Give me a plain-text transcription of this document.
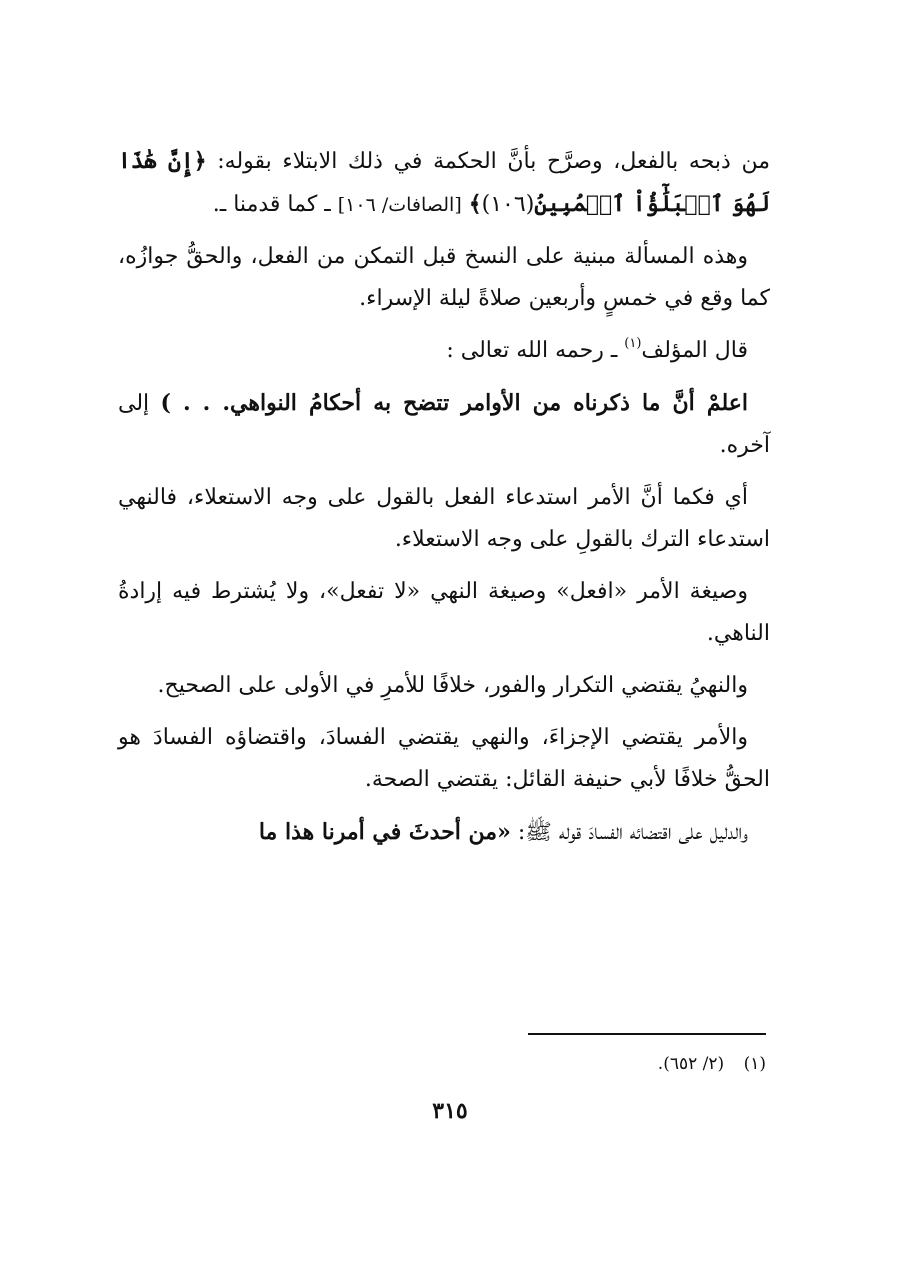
من ذبحه بالفعل، وصرَّح بأنَّ الحكمة في ذلك الابتلاء بقوله: ﴿إِنَّ هَٰذَا لَهُوَ ٱلۡبَلَٰٓؤُاْ ٱلۡمُبِينُ(١٠٦)﴾ [الصافات/ ١٠٦] ـ كما قدمنا ـ.

وهذه المسألة مبنية على النسخ قبل التمكن من الفعل، والحقُّ جوازُه، كما وقع في خمسٍ وأربعين صلاةً ليلة الإسراء.

قال المؤلف$^{(١)}$ ـ رحمه الله تعالى :

اعلمْ أنَّ ما ذكرناه من الأوامر تتضح به أحكامُ النواهي. . . ) إلى آخره.

أي فكما أنَّ الأمر استدعاء الفعل بالقول على وجه الاستعلاء، فالنهي استدعاء الترك بالقولِ على وجه الاستعلاء.

وصيغة الأمر «افعل» وصيغة النهي «لا تفعل»، ولا يُشترط فيه إرادةُ الناهي.

والنهيُ يقتضي التكرار والفور، خلافًا للأمرِ في الأولى على الصحيح.

والأمر يقتضي الإجزاءَ، والنهي يقتضي الفسادَ، واقتضاؤه الفسادَ هو الحقُّ خلافًا لأبي حنيفة القائل: يقتضي الصحة.

والدليل على اقتضائه الفسادَ قوله ﷺ: «من أحدثَ في أمرنا هذا ما

(١) (٢/ ٦٥٢).
٣١٥
